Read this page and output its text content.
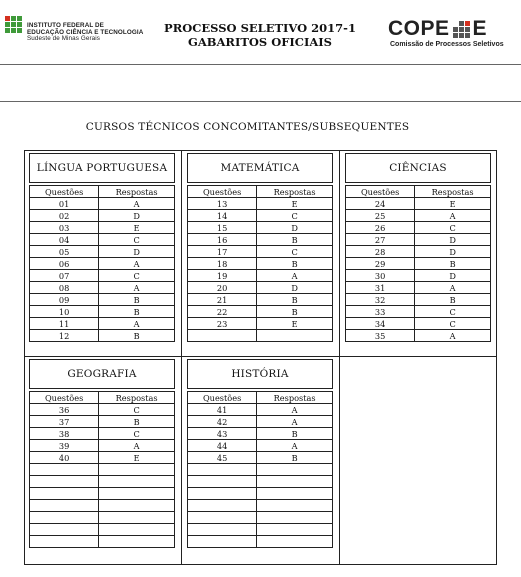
INSTITUTO FEDERAL DE
EDUCAÇÃO CIÊNCIA E TECNOLOGIA
Sudeste de Minas Gerais
PROCESSO SELETIVO 2017-1
GABARITOS OFICIAIS
COPE E
Comissão de Processos Seletivos
CURSOS TÉCNICOS CONCOMITANTES/SUBSEQUENTES
LÍNGUA PORTUGUESA
Questões	Respostas
01	A
02	D
03	E
04	C
05	D
06	A
07	C
08	A
09	B
10	B
11	A
12	B
MATEMÁTICA
Questões	Respostas
13	E
14	C
15	D
16	B
17	C
18	B
19	A
20	D
21	B
22	B
23	E

CIÊNCIAS
Questões	Respostas
24	E
25	A
26	C
27	D
28	D
29	B
30	D
31	A
32	B
33	C
34	C
35	A
GEOGRAFIA
Questões	Respostas
36	C
37	B
38	C
39	A
40	E

HISTÓRIA
Questões	Respostas
41	A
42	A
43	B
44	A
45	B
